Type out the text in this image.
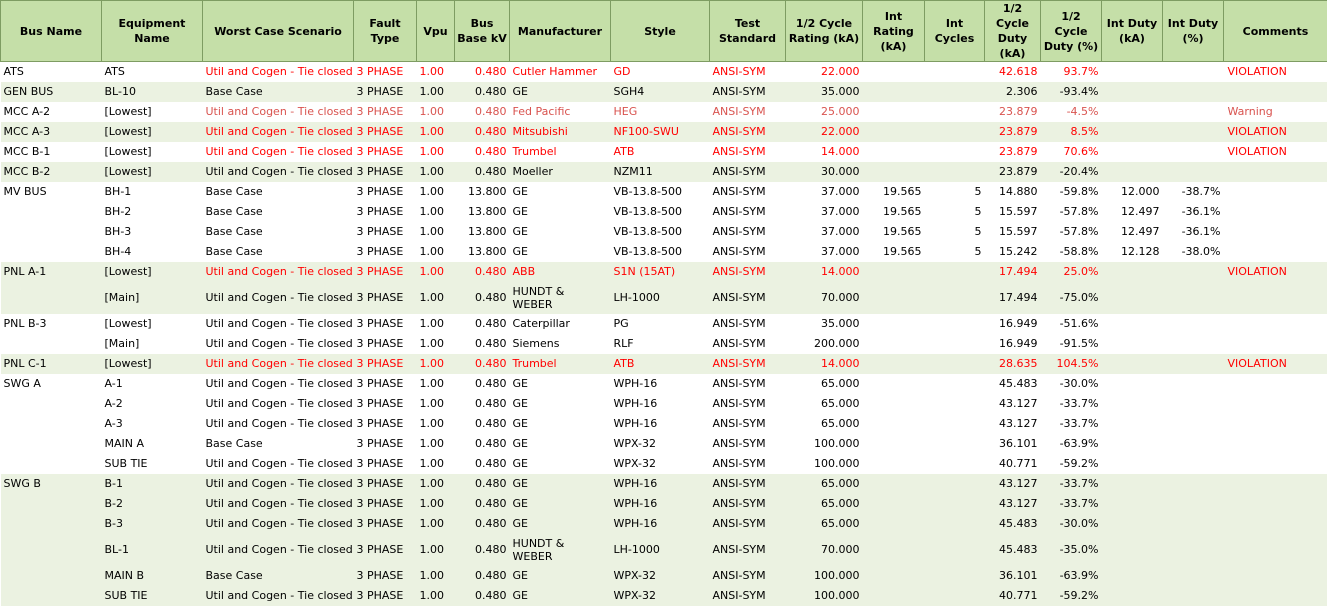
Bus Name	Equipment Name	Worst Case Scenario	Fault Type	Vpu	Bus Base kV	Manufacturer	Style	Test Standard	1/2 Cycle Rating (kA)	Int Rating (kA)	Int Cycles	1/2 Cycle Duty (kA)	1/2 Cycle Duty (%)	Int Duty (kA)	Int Duty (%)	Comments
ATS	ATS	Util and Cogen - Tie closed	3 PHASE	1.00	0.480	Cutler Hammer	GD	ANSI-SYM	22.000			42.618	93.7%			VIOLATION
GEN BUS	BL-10	Base Case	3 PHASE	1.00	0.480	GE	SGH4	ANSI-SYM	35.000			2.306	-93.4%			
MCC A-2	[Lowest]	Util and Cogen - Tie closed	3 PHASE	1.00	0.480	Fed Pacific	HEG	ANSI-SYM	25.000			23.879	-4.5%			Warning
MCC A-3	[Lowest]	Util and Cogen - Tie closed	3 PHASE	1.00	0.480	Mitsubishi	NF100-SWU	ANSI-SYM	22.000			23.879	8.5%			VIOLATION
MCC B-1	[Lowest]	Util and Cogen - Tie closed	3 PHASE	1.00	0.480	Trumbel	ATB	ANSI-SYM	14.000			23.879	70.6%			VIOLATION
MCC B-2	[Lowest]	Util and Cogen - Tie closed	3 PHASE	1.00	0.480	Moeller	NZM11	ANSI-SYM	30.000			23.879	-20.4%			
MV BUS	BH-1	Base Case	3 PHASE	1.00	13.800	GE	VB-13.8-500	ANSI-SYM	37.000	19.565	5	14.880	-59.8%	12.000	-38.7%	
	BH-2	Base Case	3 PHASE	1.00	13.800	GE	VB-13.8-500	ANSI-SYM	37.000	19.565	5	15.597	-57.8%	12.497	-36.1%	
	BH-3	Base Case	3 PHASE	1.00	13.800	GE	VB-13.8-500	ANSI-SYM	37.000	19.565	5	15.597	-57.8%	12.497	-36.1%	
	BH-4	Base Case	3 PHASE	1.00	13.800	GE	VB-13.8-500	ANSI-SYM	37.000	19.565	5	15.242	-58.8%	12.128	-38.0%	
PNL A-1	[Lowest]	Util and Cogen - Tie closed	3 PHASE	1.00	0.480	ABB	S1N (15AT)	ANSI-SYM	14.000			17.494	25.0%			VIOLATION
	[Main]	Util and Cogen - Tie closed	3 PHASE	1.00	0.480	HUNDT & WEBER	LH-1000	ANSI-SYM	70.000			17.494	-75.0%			
PNL B-3	[Lowest]	Util and Cogen - Tie closed	3 PHASE	1.00	0.480	Caterpillar	PG	ANSI-SYM	35.000			16.949	-51.6%			
	[Main]	Util and Cogen - Tie closed	3 PHASE	1.00	0.480	Siemens	RLF	ANSI-SYM	200.000			16.949	-91.5%			
PNL C-1	[Lowest]	Util and Cogen - Tie closed	3 PHASE	1.00	0.480	Trumbel	ATB	ANSI-SYM	14.000			28.635	104.5%			VIOLATION
SWG A	A-1	Util and Cogen - Tie closed	3 PHASE	1.00	0.480	GE	WPH-16	ANSI-SYM	65.000			45.483	-30.0%			
	A-2	Util and Cogen - Tie closed	3 PHASE	1.00	0.480	GE	WPH-16	ANSI-SYM	65.000			43.127	-33.7%			
	A-3	Util and Cogen - Tie closed	3 PHASE	1.00	0.480	GE	WPH-16	ANSI-SYM	65.000			43.127	-33.7%			
	MAIN A	Base Case	3 PHASE	1.00	0.480	GE	WPX-32	ANSI-SYM	100.000			36.101	-63.9%			
	SUB TIE	Util and Cogen - Tie closed	3 PHASE	1.00	0.480	GE	WPX-32	ANSI-SYM	100.000			40.771	-59.2%			
SWG B	B-1	Util and Cogen - Tie closed	3 PHASE	1.00	0.480	GE	WPH-16	ANSI-SYM	65.000			43.127	-33.7%			
	B-2	Util and Cogen - Tie closed	3 PHASE	1.00	0.480	GE	WPH-16	ANSI-SYM	65.000			43.127	-33.7%			
	B-3	Util and Cogen - Tie closed	3 PHASE	1.00	0.480	GE	WPH-16	ANSI-SYM	65.000			45.483	-30.0%			
	BL-1	Util and Cogen - Tie closed	3 PHASE	1.00	0.480	HUNDT & WEBER	LH-1000	ANSI-SYM	70.000			45.483	-35.0%			
	MAIN B	Base Case	3 PHASE	1.00	0.480	GE	WPX-32	ANSI-SYM	100.000			36.101	-63.9%			
	SUB TIE	Util and Cogen - Tie closed	3 PHASE	1.00	0.480	GE	WPX-32	ANSI-SYM	100.000			40.771	-59.2%			
